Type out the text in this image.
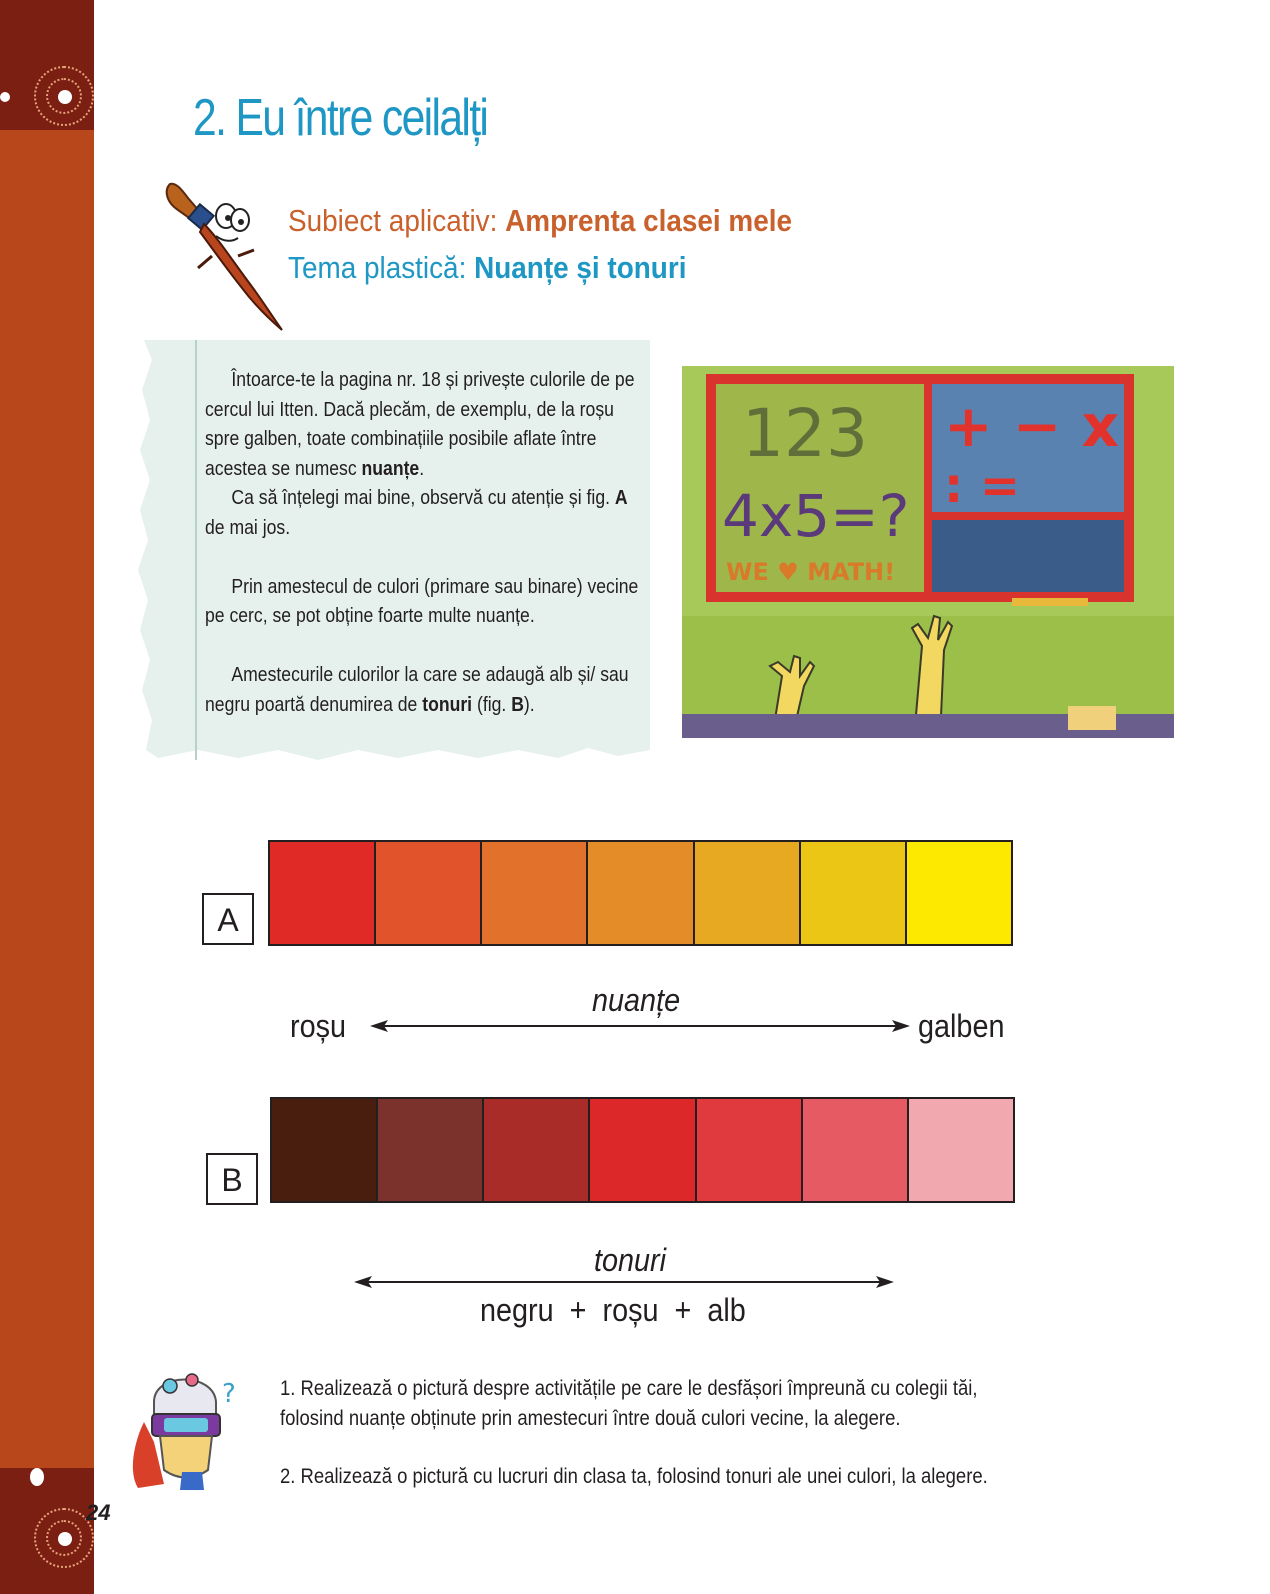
2. Eu între ceilalți
Subiect aplicativ: Amprenta clasei mele
Tema plastică: Nuanțe și tonuri

Întoarce-te la pagina nr. 18 și privește culorile de pe cercul lui Itten. Dacă plecăm, de exemplu, de la roșu spre galben, toate combinațiile posibile aflate între acestea se numesc nuanțe.

Ca să înțelegi mai bine, observă cu atenție și fig. A de mai jos.

Prin amestecul de culori (primare sau binare) vecine pe cerc, se pot obține foarte multe nuanțe.

Amestecurile culorilor la care se adaugă alb și/ sau negru poartă denumirea de tonuri (fig. B).

123
4x5=?
WE ♥ MATH!
+ − x
: =
A
roșu
nuanțe
galben
B
tonuri
negru  +  roșu  +  alb
? 1. Realizează o pictură despre activitățile pe care le desfășori împreună cu colegii tăi, folosind nuanțe obținute prin amestecuri între două culori vecine, la alegere.

2. Realizează o pictură cu lucruri din clasa ta, folosind tonuri ale unei culori, la alegere.

24
